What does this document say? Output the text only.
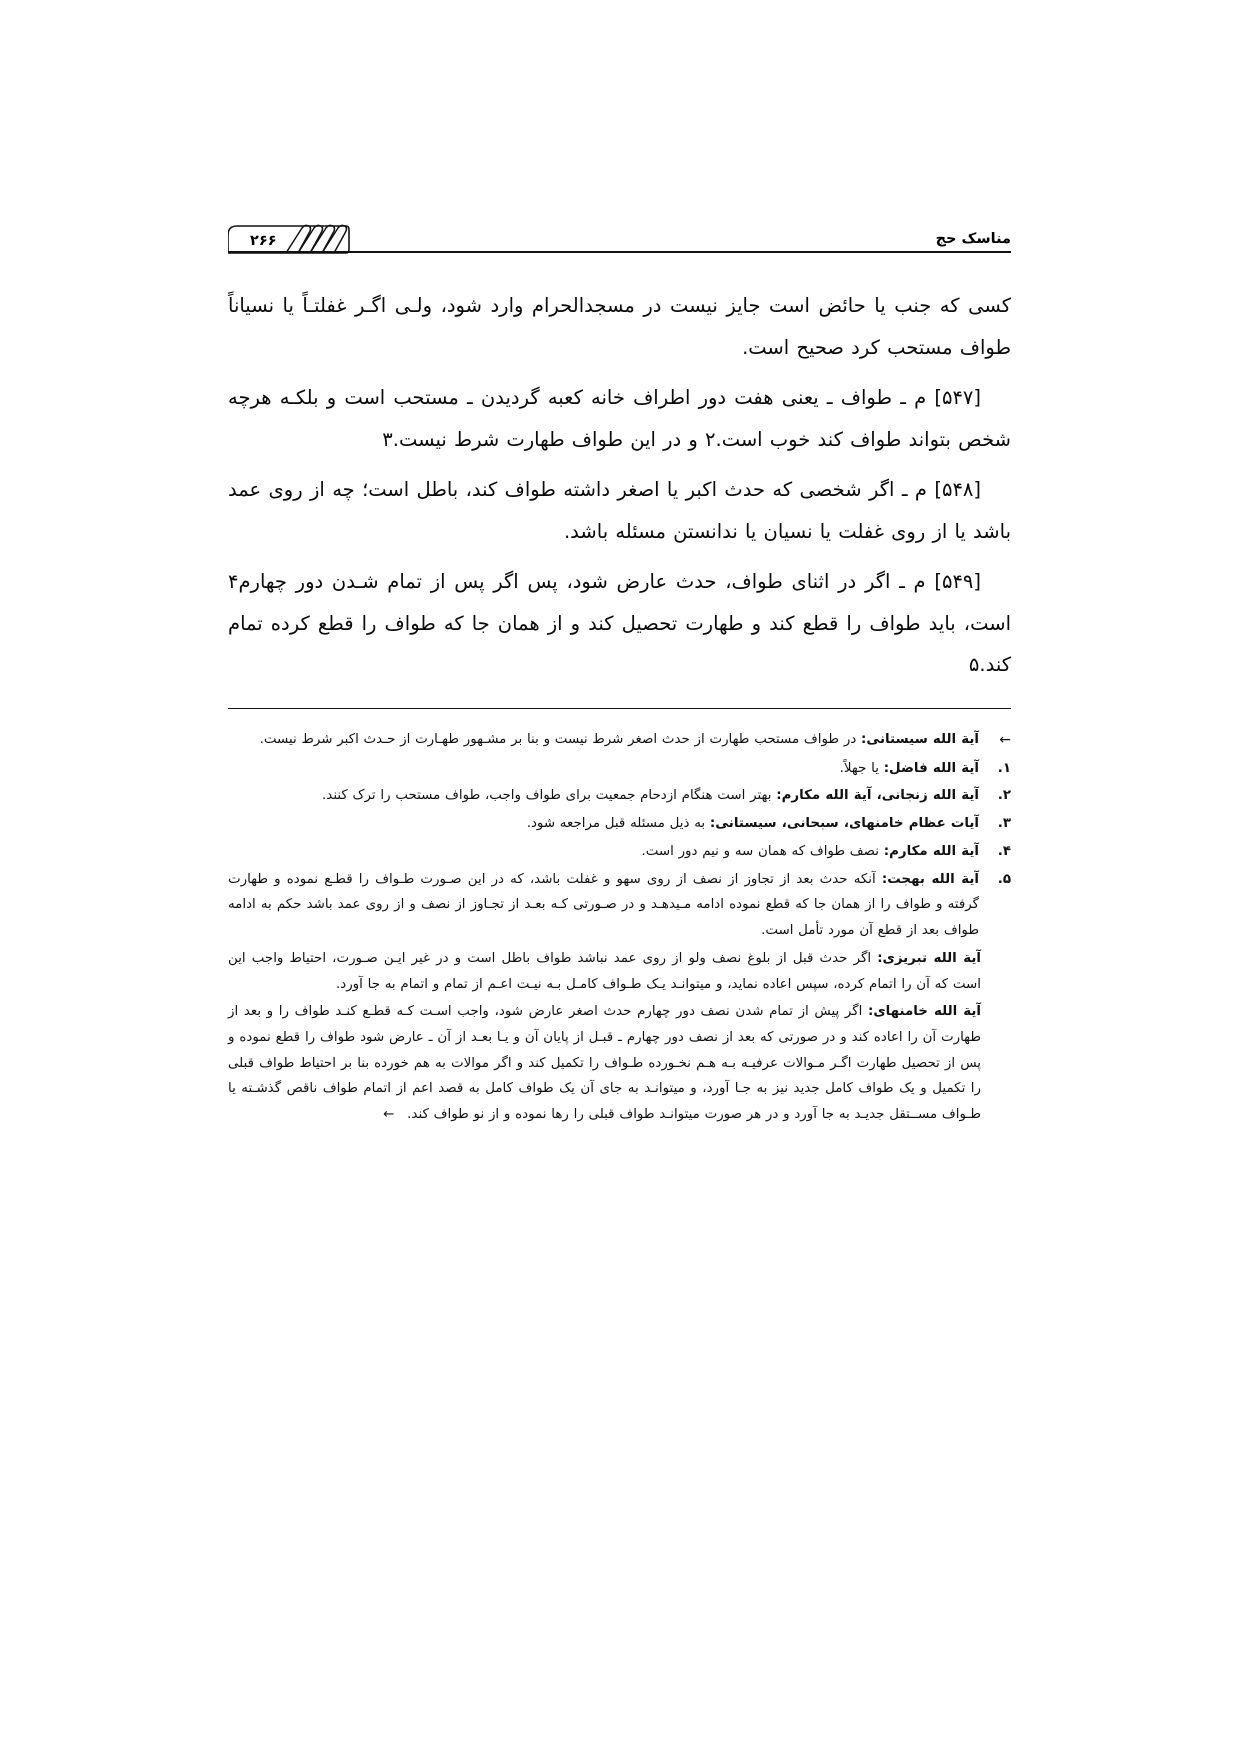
مناسک حج
۲۶۶

کسی که جنب یا حائض است جایز نیست در مسجدالحرام وارد شود، ولـی اگـر غفلتـاً یا نسیاناً طواف مستحب کرد صحیح است.

[۵۴۷] م ـ طواف ـ یعنی هفت دور اطراف خانه کعبه گردیدن ـ مستحب است و بلکـه هرچه شخص بتواند طواف کند خوب است.۲ و در این طواف طهارت شرط نیست.۳

[۵۴۸] م ـ اگر شخصی که حدث اکبر یا اصغر داشته طواف کند، باطل است؛ چه از روی عمد باشد یا از روی غفلت یا نسیان یا ندانستن مسئله باشد.

[۵۴۹] م ـ اگر در اثنای طواف، حدث عارض شود، پس اگر پس از تمام شـدن دور چهارم۴ است، باید طواف را قطع کند و طهارت تحصیل کند و از همان جا که طواف را قطع کرده تمام کند.۵

←
آیة الله سیستانی: در طواف مستحب طهارت از حدث اصغر شرط نیست و بنا بر مشـهور طهـارت از حـدث اکبر شرط نیست.
۱.
آیة الله فاضل: یا جهلاً.
۲.
آیة الله زنجانی، آیة الله مکارم: بهتر است هنگام ازدحام جمعیت برای طواف واجب، طواف مستحب را ترک کنند.
۳.
آیات عظام خامنهای، سبحانی، سیستانی: به ذیل مسئله قبل مراجعه شود.
۴.
آیة الله مکارم: نصف طواف که همان سه و نیم دور است.
۵.
آیة الله بهجت: آنکه حدث بعد از تجاوز از نصف از روی سهو و غفلت باشد، که در این صـورت طـواف را قطـع نموده و طهارت گرفته و طواف را از همان جا که قطع نموده ادامه مـیدهـد و در صـورتی کـه بعـد از تجـاوز از نصف و از روی عمد باشد حکم به ادامه طواف بعد از قطع آن مورد تأمل است.
آیة الله تبریزی: اگر حدث قبل از بلوغ نصف ولو از روی عمد نباشد طواف باطل است و در غیر ایـن صـورت، احتیاط واجب این است که آن را اتمام کرده، سپس اعاده نماید، و میتوانـد یـک طـواف کامـل بـه نیـت اعـم از تمام و اتمام به جا آورد.
آیة الله خامنهای: اگر پیش از تمام شدن نصف دور چهارم حدث اصغر عارض شود، واجب اسـت کـه قطـع کنـد طواف را و بعد از طهارت آن را اعاده کند و در صورتی که بعد از نصف دور چهارم ـ قبـل از پایان آن و یـا بعـد از آن ـ عارض شود طواف را قطع نموده و پس از تحصیل طهارت اگـر مـوالات عرفیـه بـه هـم نخـورده طـواف را تکمیل کند و اگر موالات به هم خورده بنا بر احتیاط طواف قبلی را تکمیل و یک طواف کامل جدید نیز به جـا آورد، و میتوانـد به جای آن یک طواف کامل به قصد اعم از اتمام طواف ناقص گذشـته یا طـواف مســتقل جدیـد به جا آورد و در هر صورت میتوانـد طواف قبلی را رها نموده و از نو طواف کند. ←
